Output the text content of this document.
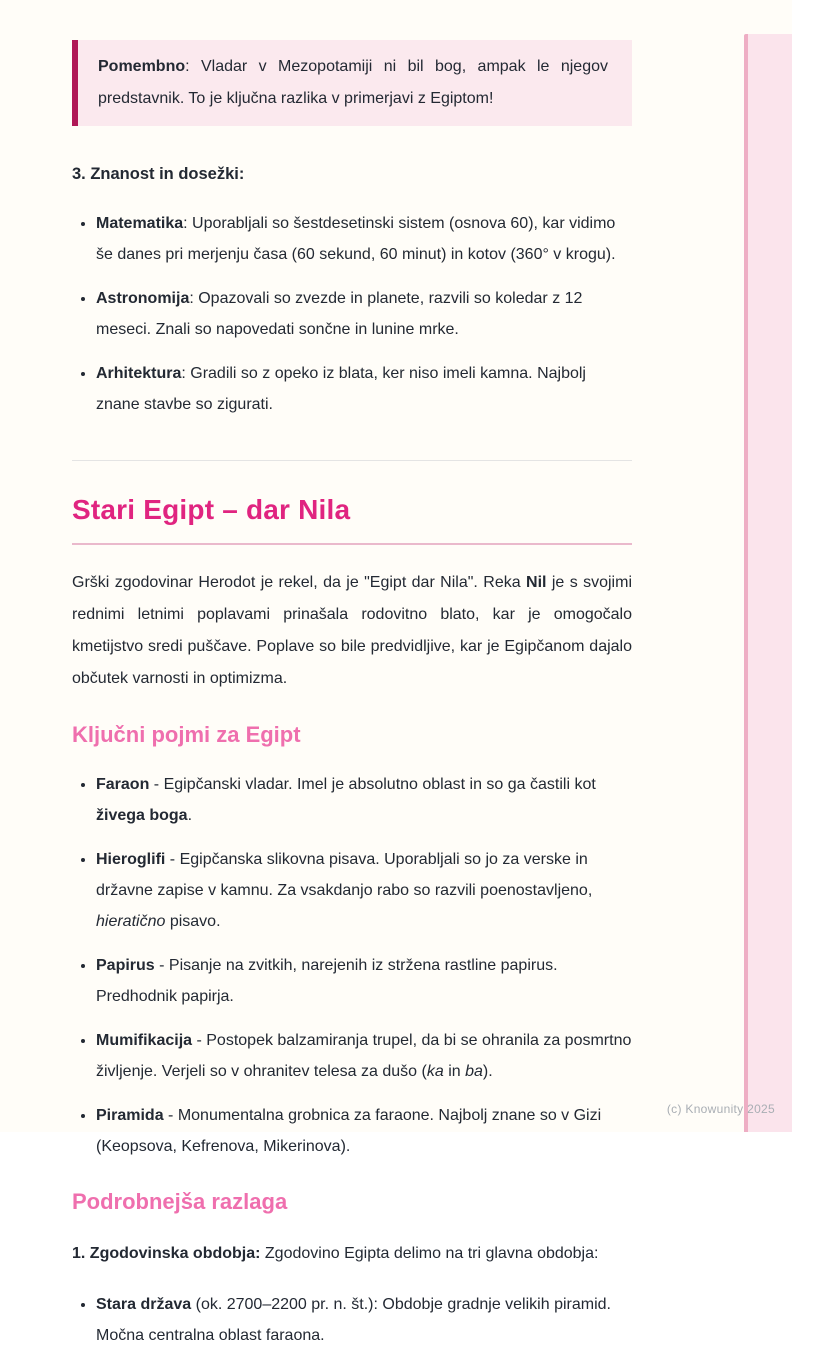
Pomembno: Vladar v Mezopotamiji ni bil bog, ampak le njegov predstavnik. To je ključna razlika v primerjavi z Egiptom!

3. Znanost in dosežki:
• Matematika: Uporabljali so šestdesetinski sistem (osnova 60), kar vidimo še danes pri merjenju časa (60 sekund, 60 minut) in kotov (360° v krogu).
• Astronomija: Opazovali so zvezde in planete, razvili so koledar z 12 meseci. Znali so napovedati sončne in lunine mrke.
• Arhitektura: Gradili so z opeko iz blata, ker niso imeli kamna. Najbolj znane stavbe so zigurati.
Stari Egipt – dar Nila

Grški zgodovinar Herodot je rekel, da je "Egipt dar Nila". Reka Nil je s svojimi rednimi letnimi poplavami prinašala rodovitno blato, kar je omogočalo kmetijstvo sredi puščave. Poplave so bile predvidljive, kar je Egipčanom dajalo občutek varnosti in optimizma.

Ključni pojmi za Egipt
• Faraon - Egipčanski vladar. Imel je absolutno oblast in so ga častili kot živega boga.
• Hieroglifi - Egipčanska slikovna pisava. Uporabljali so jo za verske in državne zapise v kamnu. Za vsakdanjo rabo so razvili poenostavljeno, hieratično pisavo.
• Papirus - Pisanje na zvitkih, narejenih iz stržena rastline papirus. Predhodnik papirja.
• Mumifikacija - Postopek balzamiranja trupel, da bi se ohranila za posmrtno življenje. Verjeli so v ohranitev telesa za dušo (ka in ba).
• Piramida - Monumentalna grobnica za faraone. Najbolj znane so v Gizi (Keopsova, Kefrenova, Mikerinova).
Podrobnejša razlaga

1. Zgodovinska obdobja: Zgodovino Egipta delimo na tri glavna obdobja:

• Stara država (ok. 2700–2200 pr. n. št.): Obdobje gradnje velikih piramid. Močna centralna oblast faraona.
(c) Knowunity 2025
